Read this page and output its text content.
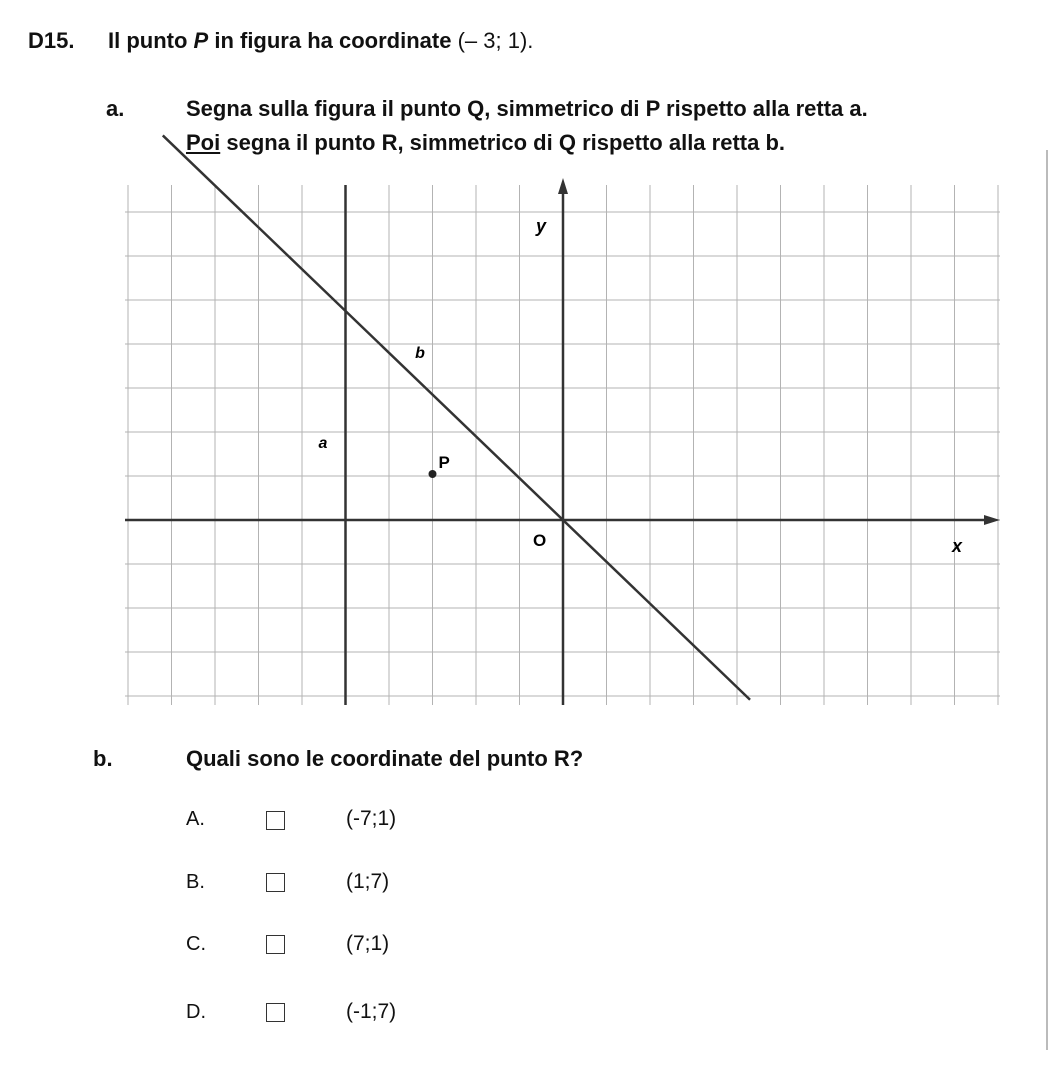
D15. Il punto P in figura ha coordinate (– 3; 1).
a.	Segna sulla figura il punto Q, simmetrico di P rispetto alla retta a.
Poi segna il punto R, simmetrico di Q rispetto alla retta b.
y
x
O
a
b
P
b.	Quali sono le coordinate del punto R?
A.	(-7;1)
B.	(1;7)
C.	(7;1)
D.	(-1;7)
